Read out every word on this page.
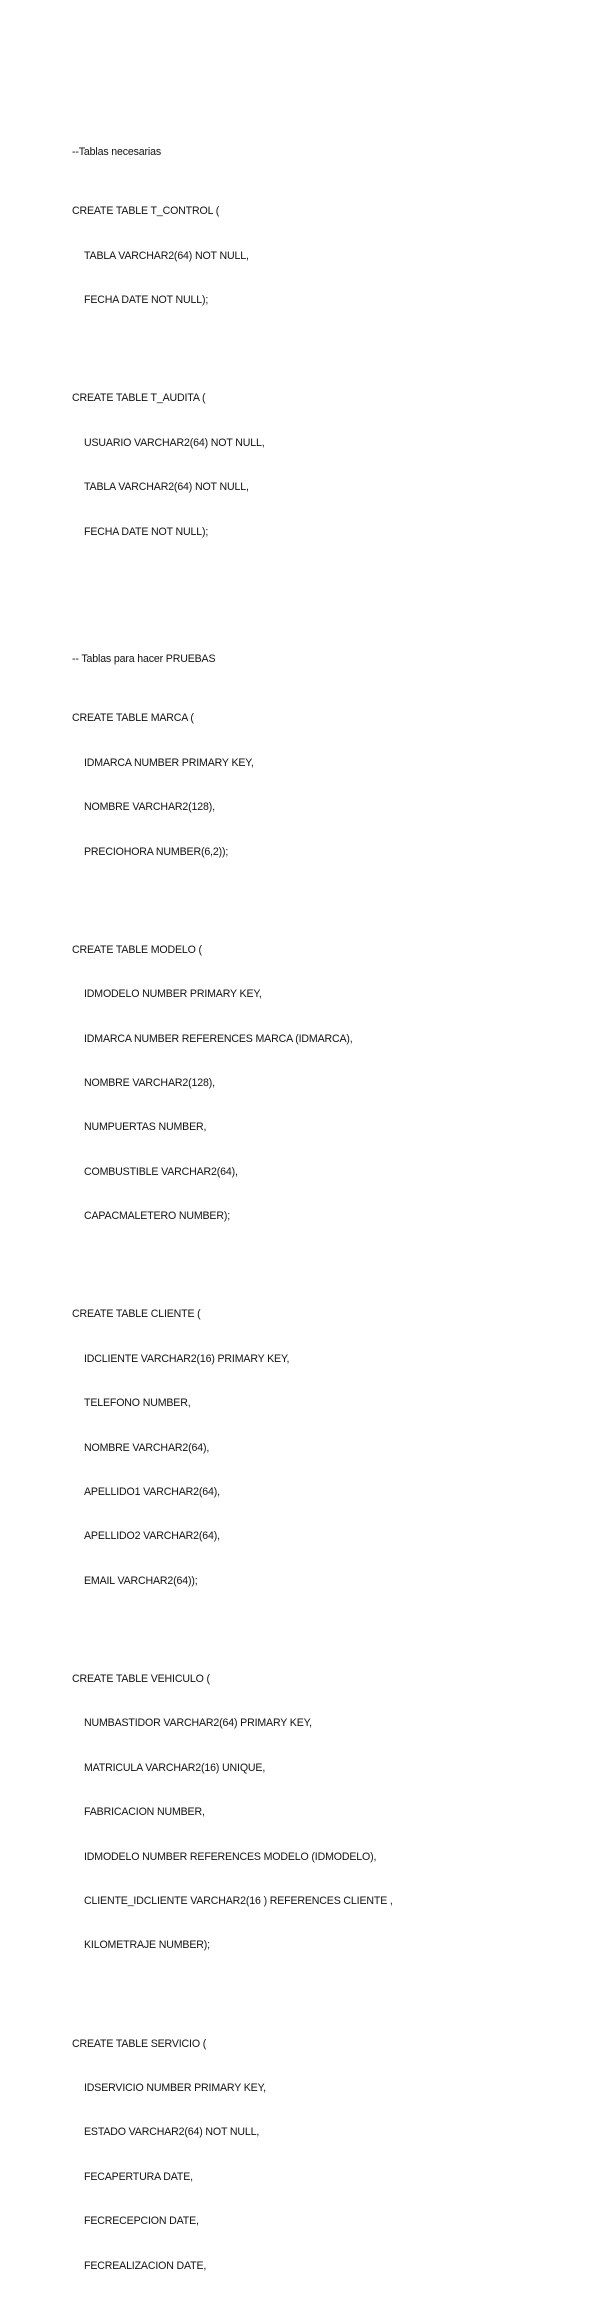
--Tablas necesarias

CREATE TABLE T_CONTROL (

TABLA VARCHAR2(64) NOT NULL,

FECHA DATE NOT NULL);

CREATE TABLE T_AUDITA (

USUARIO VARCHAR2(64) NOT NULL,

TABLA VARCHAR2(64) NOT NULL,

FECHA DATE NOT NULL);

-- Tablas para hacer PRUEBAS

CREATE TABLE MARCA (

IDMARCA NUMBER PRIMARY KEY,

NOMBRE VARCHAR2(128),

PRECIOHORA NUMBER(6,2));

CREATE TABLE MODELO (

IDMODELO NUMBER PRIMARY KEY,

IDMARCA NUMBER REFERENCES MARCA (IDMARCA),

NOMBRE VARCHAR2(128),

NUMPUERTAS NUMBER,

COMBUSTIBLE VARCHAR2(64),

CAPACMALETERO NUMBER);

CREATE TABLE CLIENTE (

IDCLIENTE VARCHAR2(16) PRIMARY KEY,

TELEFONO NUMBER,

NOMBRE VARCHAR2(64),

APELLIDO1 VARCHAR2(64),

APELLIDO2 VARCHAR2(64),

EMAIL VARCHAR2(64));

CREATE TABLE VEHICULO (

NUMBASTIDOR VARCHAR2(64) PRIMARY KEY,

MATRICULA VARCHAR2(16) UNIQUE,

FABRICACION NUMBER,

IDMODELO NUMBER REFERENCES MODELO (IDMODELO),

CLIENTE_IDCLIENTE VARCHAR2(16 ) REFERENCES CLIENTE ,

KILOMETRAJE NUMBER);

CREATE TABLE SERVICIO (

IDSERVICIO NUMBER PRIMARY KEY,

ESTADO VARCHAR2(64) NOT NULL,

FECAPERTURA DATE,

FECRECEPCION DATE,

FECREALIZACION DATE,
